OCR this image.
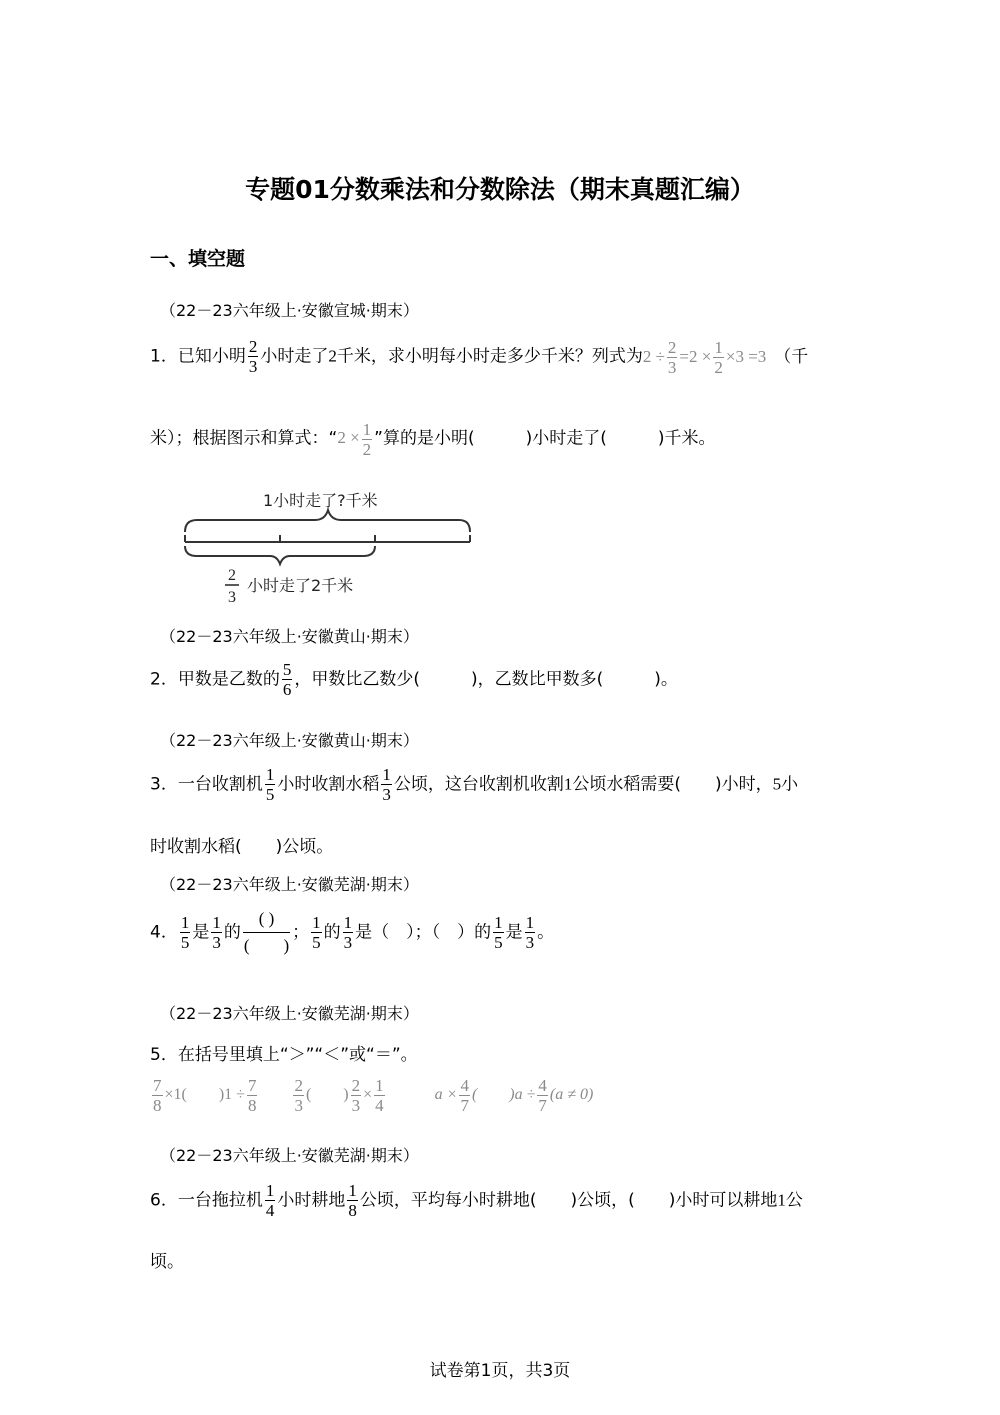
专题01分数乘法和分数除法（期末真题汇编）
一、填空题
（22－23六年级上·安徽宣城·期末）
1．已知小明 $\frac{2}{3}$ 小时走了2千米，求小明每小时走多少千米？列式为$2 \div \frac{2}{3} =2 \times \frac{1}{2} \times 3 =3$ （千
米）；根据图示和算式：“$2 \times \frac{1}{2}$ ”算的是小明(　　　)小时走了(　　　)千米。
1小时走了?千米
2
3
小时走了2千米
（22－23六年级上·安徽黄山·期末）
2．甲数是乙数的 $\frac{5}{6}$ ，甲数比乙数少(　　　)，乙数比甲数多(　　　)。
（22－23六年级上·安徽黄山·期末）
3．一台收割机 $\frac{1}{5}$ 小时收割水稻 $\frac{1}{3}$ 公顷，这台收割机收割1公顷水稻需要(　　)小时，5小
时收割水稻(　　)公顷。
（22－23六年级上·安徽芜湖·期末）
4． $\frac{1}{5}$ 是 $\frac{1}{3}$ 的 $\frac{( )}{( )}$ ； $\frac{1}{5}$ 的 $\frac{1}{3}$ 是（　）；（　）的 $\frac{1}{5}$ 是 $\frac{1}{3}$ 。
（22－23六年级上·安徽芜湖·期末）
5．在括号里填上“＞”“＜”或“＝”。
$\frac{7}{8} \times 1$(　　)$1 \div \frac{7}{8}$
$\frac{2}{3}$ (　　) $\frac{2}{3} \times \frac{1}{4}$	$a \times \frac{4}{7}$ (　　)$a \div \frac{4}{7} (a \ne 0)$
（22－23六年级上·安徽芜湖·期末）
6．一台拖拉机 $\frac{1}{4}$ 小时耕地 $\frac{1}{8}$ 公顷，平均每小时耕地(　　)公顷，(　　)小时可以耕地1公
顷。
试卷第1页，共3页
